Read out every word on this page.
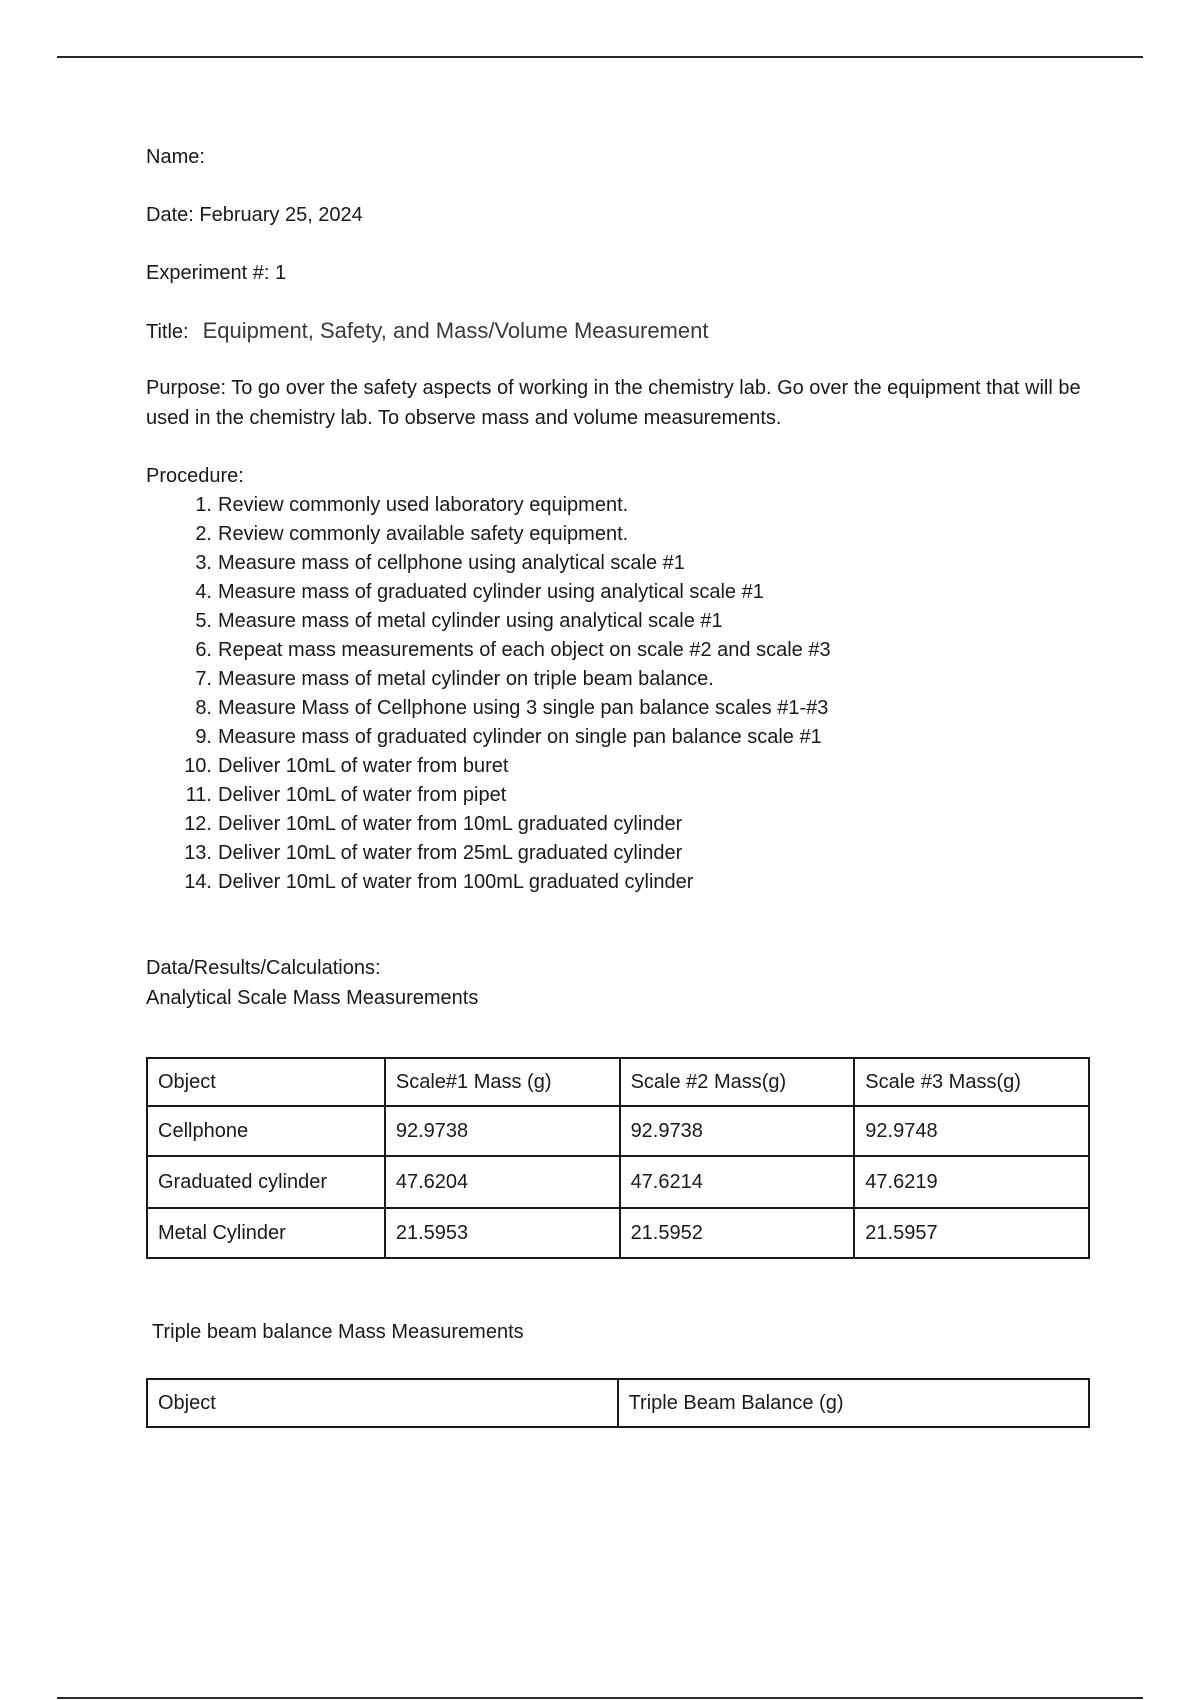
Name:

Date: February 25, 2024

Experiment #: 1

Title: Equipment, Safety, and Mass/Volume Measurement

Purpose: To go over the safety aspects of working in the chemistry lab. Go over the equipment that will be used in the chemistry lab. To observe mass and volume measurements.

Procedure:

1. Review commonly used laboratory equipment.
2. Review commonly available safety equipment.
3. Measure mass of cellphone using analytical scale #1
4. Measure mass of graduated cylinder using analytical scale #1
5. Measure mass of metal cylinder using analytical scale #1
6. Repeat mass measurements of each object on scale #2 and scale #3
7. Measure mass of metal cylinder on triple beam balance.
8. Measure Mass of Cellphone using 3 single pan balance scales #1-#3
9. Measure mass of graduated cylinder on single pan balance scale #1
10. Deliver 10mL of water from buret
11. Deliver 10mL of water from pipet
12. Deliver 10mL of water from 10mL graduated cylinder
13. Deliver 10mL of water from 25mL graduated cylinder
14. Deliver 10mL of water from 100mL graduated cylinder

Data/Results/Calculations:

Analytical Scale Mass Measurements

Object	Scale#1 Mass (g)	Scale #2 Mass(g)	Scale #3 Mass(g)
Cellphone	92.9738	92.9738	92.9748
Graduated cylinder	47.6204	47.6214	47.6219
Metal Cylinder	21.5953	21.5952	21.5957

Triple beam balance Mass Measurements

Object	Triple Beam Balance (g)
